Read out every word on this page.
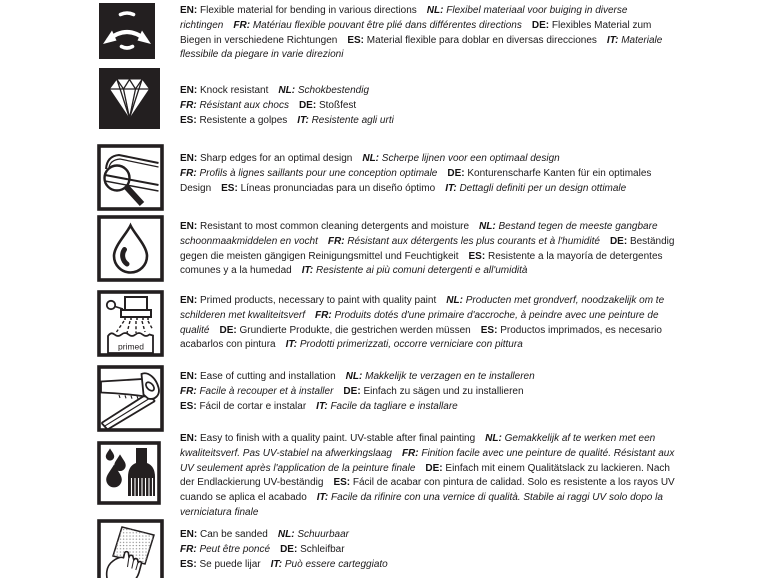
EN: Flexible material for bending in various directions   NL: Flexibel materiaal voor buiging in diverse richtingen   FR: Matériau flexible pouvant être plié dans différentes directions   DE: Flexibles Material zum Biegen in verschiedene Richtungen   ES: Material flexible para doblar en diversas direcciones   IT: Materiale flessibile da piegare in varie direzioni
EN: Knock resistant   NL: Schokbestendig
FR: Résistant aux chocs   DE: Stoßfest
ES: Resistente a golpes   IT: Resistente agli urti
EN: Sharp edges for an optimal design   NL: Scherpe lijnen voor een optimaal design
FR: Profils à lignes saillants pour une conception optimale   DE: Konturenscharfe Kanten für ein optimales Design   ES: Líneas pronunciadas para un diseño óptimo   IT: Dettagli definiti per un design ottimale
EN: Resistant to most common cleaning detergents and moisture   NL: Bestand tegen de meeste gangbare schoonmaakmiddelen en vocht   FR: Résistant aux détergents les plus courants et à l'humidité   DE: Beständig gegen die meisten gängigen Reinigungsmittel und Feuchtigkeit   ES: Resistente a la mayoría de detergentes comunes y a la humedad   IT: Resistente ai più comuni detergenti e all'umidità
primed
EN: Primed products, necessary to paint with quality paint   NL: Producten met grondverf, noodzakelijk om te schilderen met kwaliteitsverf   FR: Produits dotés d'une primaire d'accroche, à peindre avec une peinture de qualité   DE: Grundierte Produkte, die gestrichen werden müssen   ES: Productos imprimados, es necesario acabarlos con pintura   IT: Prodotti primerizzati, occorre verniciare con pittura
EN: Ease of cutting and installation   NL: Makkelijk te verzagen en te installeren
FR: Facile à recouper et à installer   DE: Einfach zu sägen und zu installieren
ES: Fácil de cortar e instalar   IT: Facile da tagliare e installare
EN: Easy to finish with a quality paint. UV-stable after final painting   NL: Gemakkelijk af te werken met een kwaliteitsverf. Pas UV-stabiel na afwerkingslaag   FR: Finition facile avec une peinture de qualité. Résistant aux UV seulement après l'application de la peinture finale   DE: Einfach mit einem Qualitätslack zu lackieren. Nach der Endlackierung UV-beständig   ES: Fácil de acabar con pintura de calidad. Solo es resistente a los rayos UV cuando se aplica el acabado   IT: Facile da rifinire con una vernice di qualità. Stabile ai raggi UV solo dopo la verniciatura finale
EN: Can be sanded   NL: Schuurbaar
FR: Peut être poncé   DE: Schleifbar
ES: Se puede lijar   IT: Può essere carteggiato
